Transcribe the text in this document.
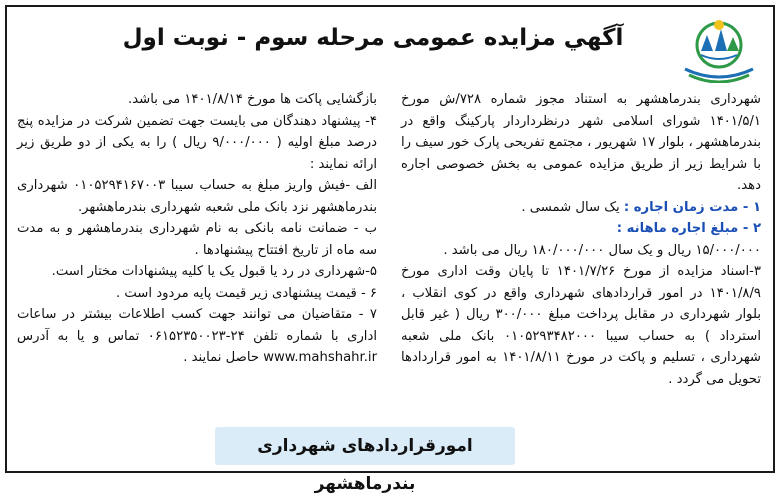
آگهي مزايده عمومی مرحله سوم - نوبت اول

شهرداری بندرماهشهر به استناد مجوز شماره ۷۲۸/ش مورخ ۱۴۰۱/۵/۱ شورای اسلامی شهر درنظرداردار پارکینگ واقع در بندرماهشهر ، بلوار ۱۷ شهریور ، مجتمع تفریحی پارک خور سیف را با شرایط زیر از طریق مزایده عمومی به بخش خصوصی اجاره دهد.

۱ - مدت زمان اجاره : یک سال شمسی .

۲ - مبلغ اجاره ماهانه :

۱۵/۰۰۰/۰۰۰ ریال و یک سال ۱۸۰/۰۰۰/۰۰۰ ریال می باشد .

۳-اسناد مزایده از مورخ ۱۴۰۱/۷/۲۶ تا پایان وقت اداری مورخ ۱۴۰۱/۸/۹ در امور قراردادهای شهرداری واقع در کوی انقلاب ، بلوار شهرداری در مقابل پرداخت مبلغ ۳۰۰/۰۰۰ ریال ( غیر قابل استرداد ) به حساب سیبا ۰۱۰۵۲۹۳۴۸۲۰۰۰ بانک ملی شعبه شهرداری ، تسلیم و پاکت در مورخ ۱۴۰۱/۸/۱۱ به امور قراردادها تحویل می گردد .

بازگشایی پاکت ها مورخ ۱۴۰۱/۸/۱۴ می باشد.

۴- پیشنهاد دهندگان می بایست جهت تضمین شرکت در مزایده پنج درصد مبلغ اولیه ( ۹/۰۰۰/۰۰۰ ریال ) را به یکی از دو طریق زیر ارائه نمایند :

الف -فیش واریز مبلغ به حساب سیبا ۰۱۰۵۲۹۴۱۶۷۰۰۳ شهرداری بندرماهشهر نزد بانک ملی شعبه شهرداری بندرماهشهر.

ب - ضمانت نامه بانکی به نام شهرداری بندرماهشهر و به مدت سه ماه از تاریخ افتتاح پیشنهادها .

۵-شهرداری در رد یا قبول یک یا کلیه پیشنهادات مختار است.

۶ - قیمت پیشنهادی زیر قیمت پایه مردود است .

۷ - متقاضیان می توانند جهت کسب اطلاعات بیشتر در ساعات اداری با شماره تلفن ۲۴-۰۶۱۵۲۳۵۰۰۲۳ تماس و یا به آدرس www.mahshahr.ir حاصل نمایند .

امورقراردادهای شهرداری بندرماهشهر
